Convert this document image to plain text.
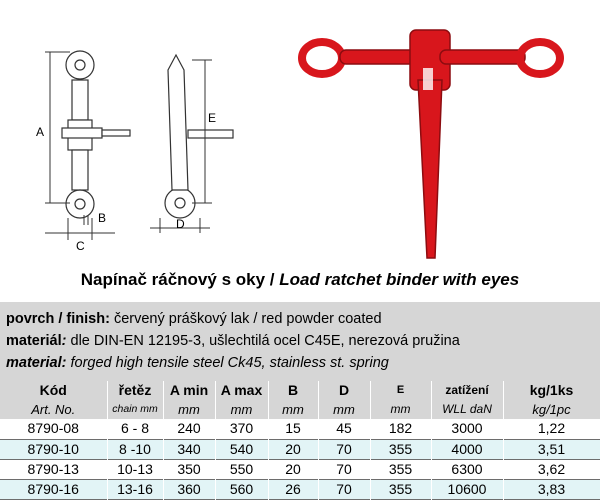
A
E
C
B	D
Napínač ráčnový s oky / Load ratchet binder with eyes
povrch / finish: červený práškový lak / red powder coated
materiál: dle DIN-EN 12195-3, ušlechtilá ocel C45E, nerezová pružina
material: forged high tensile steel Ck45, stainless st. spring
Kód	řetěz	A min	A max	B	D	E	zatížení	kg/1ks
Art. No.	chain mm	mm	mm	mm	mm	mm	WLL daN	kg/1pc
8790-08	6 - 8	240	370	15	45	182	3000	1,22
8790-10	8 -10	340	540	20	70	355	4000	3,51
8790-13	10-13	350	550	20	70	355	6300	3,62
8790-16	13-16	360	560	26	70	355	10600	3,83
